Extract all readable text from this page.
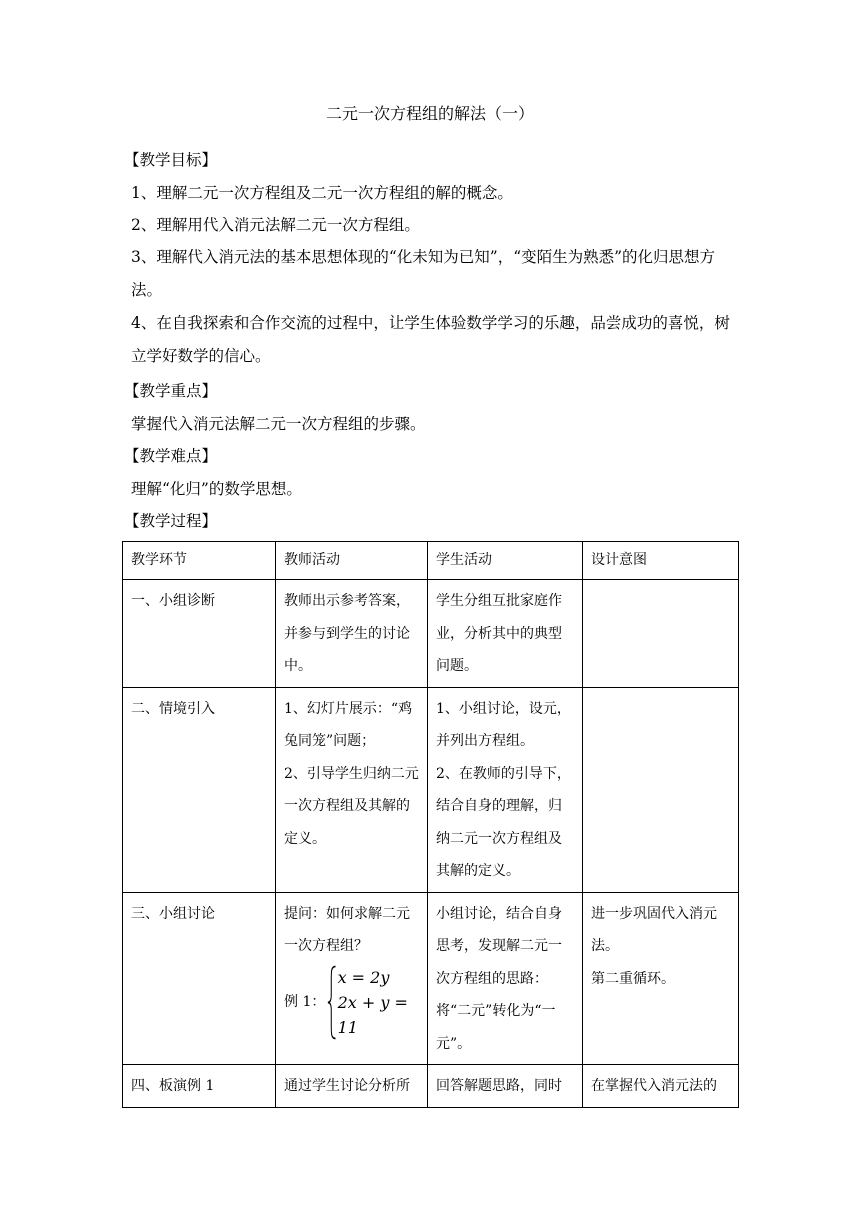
二元一次方程组的解法（一）
【教学目标】
1、理解二元一次方程组及二元一次方程组的解的概念。
2、理解用代入消元法解二元一次方程组。
3、理解代入消元法的基本思想体现的“化未知为已知”，“变陌生为熟悉”的化归思想方法。
4、在自我探索和合作交流的过程中，让学生体验数学学习的乐趣，品尝成功的喜悦，树立学好数学的信心。
【教学重点】
掌握代入消元法解二元一次方程组的步骤。
【教学难点】
理解“化归”的数学思想。
【教学过程】
教学环节	教师活动	学生活动	设计意图
一、小组诊断	教师出示参考答案，并参与到学生的讨论中。	学生分组互批家庭作业，分析其中的典型问题。	

二、情境引入	1、幻灯片展示：“鸡兔同笼”问题；
2、引导学生归纳二元一次方程组及其解的定义。	1、小组讨论，设元，并列出方程组。
2、在教师的引导下，结合自身的理解，归纳二元一次方程组及其解的定义。	

三、小组讨论	提问：如何求解二元一次方程组？
例 1：
x = 2y
2x + y = 11	小组讨论，结合自身思考，发现解二元一次方程组的思路：将“二元”转化为“一元”。	进一步巩固代入消元法。
第二重循环。

四、板演例 1	通过学生讨论分析所	回答解题思路，同时	在掌握代入消元法的
